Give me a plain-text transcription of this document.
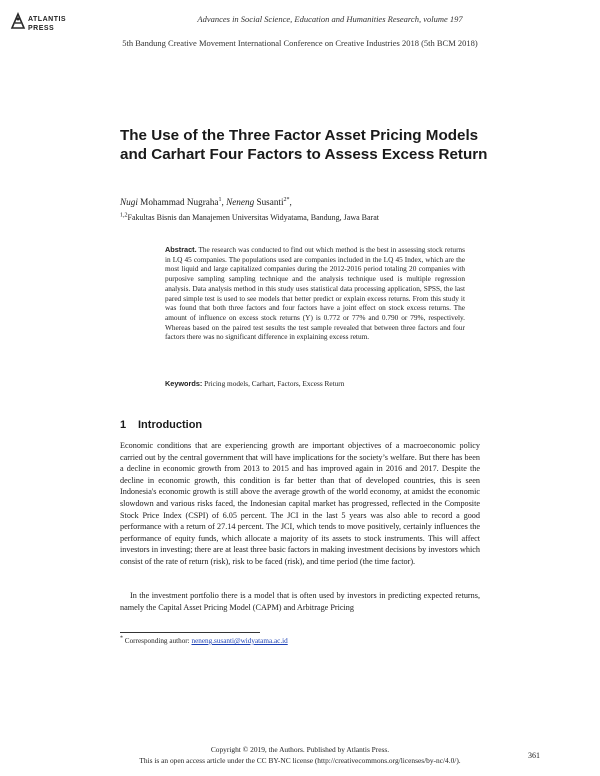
ATLANTIS
PRESS
Advances in Social Science, Education and Humanities Research, volume 197
5th Bandung Creative Movement International Conference on Creative Industries 2018 (5th BCM 2018)
The Use of the Three Factor Asset Pricing Models and Carhart Four Factors to Assess Excess Return
Nugi Mohammad Nugraha$^1$, Neneng Susanti$^{2*}$,
$^{1,2}$Fakultas Bisnis dan Manajemen Universitas Widyatama, Bandung, Jawa Barat
Abstract. The research was conducted to find out which method is the best in assessing stock returns in LQ 45 companies. The populations used are companies included in the LQ 45 Index, which are the most liquid and large capitalized companies during the 2012-2016 period totaling 20 companies with purposive sampling sampling technique and the analysis technique used is multiple regression analysis. Data analysis method in this study uses statistical data processing application, SPSS, the last pared simple test is used to see models that better predict or explain excess returns. From this study it was found that both three factors and four factors have a joint effect on stock excess returns. The amount of influence on excess stock returns (Y) is 0.772 or 77% and 0.790 or 79%, respectively. Whereas based on the paired test sesults the test sample revealed that between three factors and four factors there was no significant difference in explaining excess retum.
Keywords: Pricing models, Carhart, Factors, Excess Return
1 Introduction
Economic conditions that are experiencing growth are important objectives of a macroeconomic policy carried out by the central government that will have implications for the society’s welfare. But there has been a decline in economic growth from 2013 to 2015 and has improved again in 2016 and 2017. Despite the decline in economic growth, this condition is far better than that of developed countries, this is seen Indonesia's economic growth is still above the average growth of the world economy, at amidst the economic slowdown and various risks faced, the Indonesian capital market has progressed, reflected in the Composite Stock Price Index (CSPI) of 6.05 percent. The JCI in the last 5 years was also able to record a good performance with a return of 27.14 percent. The JCI, which tends to move positively, certainly influences the performance of equity funds, which allocate a majority of its assets to stock instruments. This will affect investors in investing; there are at least three basic factors in making investment decisions by investors which consist of the rate of return (risk), risk to be faced (risk), and time period (the time factor).
In the investment portfolio there is a model that is often used by investors in predicting expected returns, namely the Capital Asset Pricing Model (CAPM) and Arbitrage Pricing
* Corresponding author: neneng.susanti@widyatama.ac.id
Copyright © 2019, the Authors. Published by Atlantis Press.
This is an open access article under the CC BY-NC license (http://creativecommons.org/licenses/by-nc/4.0/).
361
